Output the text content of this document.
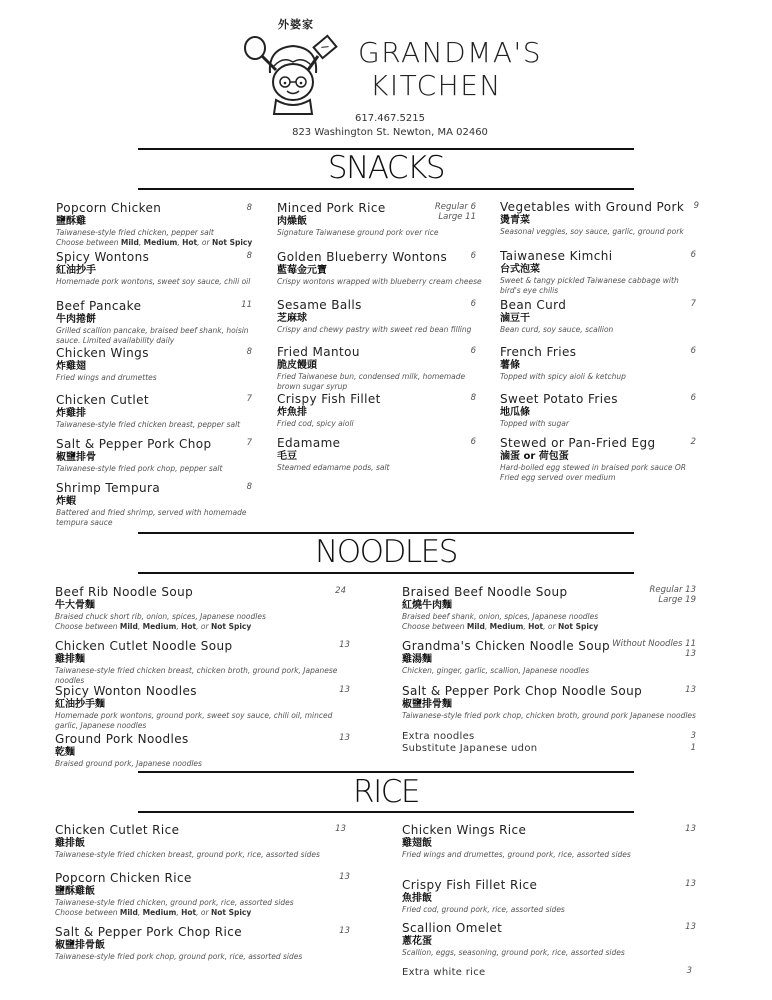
外婆家
GRANDMA'S
KITCHEN
617.467.5215
823 Washington St. Newton, MA 02460
SNACKS
Popcorn Chicken
鹽酥雞
Taiwanese-style fried chicken, pepper salt
Choose between Mild, Medium, Hot, or Not Spicy
8
Spicy Wontons
紅油抄手
Homemade pork wontons, sweet soy sauce, chili oil
8
Beef Pancake
牛肉捲餅
Grilled scallion pancake, braised beef shank, hoisin sauce. Limited availability daily
11
Chicken Wings
炸雞翅
Fried wings and drumettes
8
Chicken Cutlet
炸雞排
Taiwanese-style fried chicken breast, pepper salt
7
Salt & Pepper Pork Chop
椒鹽排骨
Taiwanese-style fried pork chop, pepper salt
7
Shrimp Tempura
炸蝦
Battered and fried shrimp, served with homemade tempura sauce
8
Minced Pork Rice
肉燥飯
Signature Taiwanese ground pork over rice
Regular 6
Large 11
Golden Blueberry Wontons
藍莓金元寶
Crispy wontons wrapped with blueberry cream cheese
6
Sesame Balls
芝麻球
Crispy and chewy pastry with sweet red bean filling
6
Fried Mantou
脆皮饅頭
Fried Taiwanese bun, condensed milk, homemade brown sugar syrup
6
Crispy Fish Fillet
炸魚排
Fried cod, spicy aioli
8
Edamame
毛豆
Steamed edamame pods, salt
6
Vegetables with Ground Pork
燙青菜
Seasonal veggies, soy sauce, garlic, ground pork
9
Taiwanese Kimchi
台式泡菜
Sweet & tangy pickled Taiwanese cabbage with bird's eye chilis
6
Bean Curd
滷豆干
Bean curd, soy sauce, scallion
7
French Fries
薯條
Topped with spicy aioli & ketchup
6
Sweet Potato Fries
地瓜條
Topped with sugar
6
Stewed or Pan-Fried Egg
滷蛋 or 荷包蛋
Hard-boiled egg stewed in braised pork sauce OR Fried egg served over medium
2
NOODLES
Beef Rib Noodle Soup
牛大骨麵
Braised chuck short rib, onion, spices, Japanese noodles
Choose between Mild, Medium, Hot, or Not Spicy
24
Chicken Cutlet Noodle Soup
雞排麵
Taiwanese-style fried chicken breast, chicken broth, ground pork, Japanese noodles
13
Spicy Wonton Noodles
紅油抄手麵
Homemade pork wontons, ground pork, sweet soy sauce, chili oil, minced garlic, Japanese noodles
13
Ground Pork Noodles
乾麵
Braised ground pork, Japanese noodles
13
Braised Beef Noodle Soup
紅燒牛肉麵
Braised beef shank, onion, spices, Japanese noodles
Choose between Mild, Medium, Hot, or Not Spicy
Regular 13
Large 19
Grandma's Chicken Noodle Soup
雞湯麵
Chicken, ginger, garlic, scallion, Japanese noodles
Without Noodles 11
13
Salt & Pepper Pork Chop Noodle Soup
椒鹽排骨麵
Taiwanese-style fried pork chop, chicken broth, ground pork Japanese noodles
13
Extra noodles	3
Substitute Japanese udon	1
RICE
Chicken Cutlet Rice
雞排飯
Taiwanese-style fried chicken breast, ground pork, rice, assorted sides
13
Popcorn Chicken Rice
鹽酥雞飯
Taiwanese-style fried chicken, ground pork, rice, assorted sides
Choose between Mild, Medium, Hot, or Not Spicy
13
Salt & Pepper Pork Chop Rice
椒鹽排骨飯
Taiwanese-style fried pork chop, ground pork, rice, assorted sides
13
Chicken Wings Rice
雞翅飯
Fried wings and drumettes, ground pork, rice, assorted sides
13
Crispy Fish Fillet Rice
魚排飯
Fried cod, ground pork, rice, assorted sides
13
Scallion Omelet
蔥花蛋
Scallion, eggs, seasoning, ground pork, rice, assorted sides
13
Extra white rice	3
